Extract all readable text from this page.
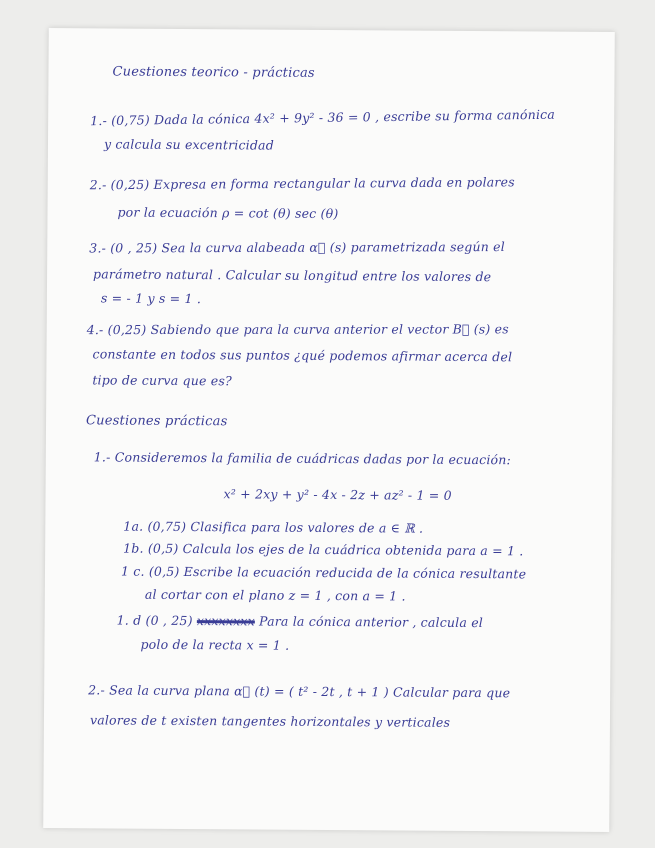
Cuestiones teorico - prácticas
1.- (0,75) Dada la cónica 4x² + 9y² - 36 = 0 , escribe su forma canónica
y calcula su excentricidad
2.- (0,25) Expresa en forma rectangular la curva dada en polares
por la ecuación ρ = cot (θ) sec (θ)
3.- (0 , 25) Sea la curva alabeada α⃗ (s) parametrizada según el
parámetro natural . Calcular su longitud entre los valores de
s = - 1 y s = 1 .
4.- (0,25) Sabiendo que para la curva anterior el vector B⃗ (s) es
constante en todos sus puntos ¿qué podemos afirmar acerca del
tipo de curva que es?
Cuestiones prácticas
1.- Consideremos la familia de cuádricas dadas por la ecuación:
x² + 2xy + y² - 4x - 2z + az² - 1 = 0
1a. (0,75) Clasifica para los valores de a ∈ ℝ .
1b. (0,5) Calcula los ejes de la cuádrica obtenida para a = 1 .
1 c. (0,5) Escribe la ecuación reducida de la cónica resultante
al cortar con el plano z = 1 , con a = 1 .
1. d (0 , 25) xxxxxxxx Para la cónica anterior , calcula el
polo de la recta x = 1 .
2.- Sea la curva plana α⃗ (t) = ( t² - 2t , t + 1 ) Calcular para que
valores de t existen tangentes horizontales y verticales
